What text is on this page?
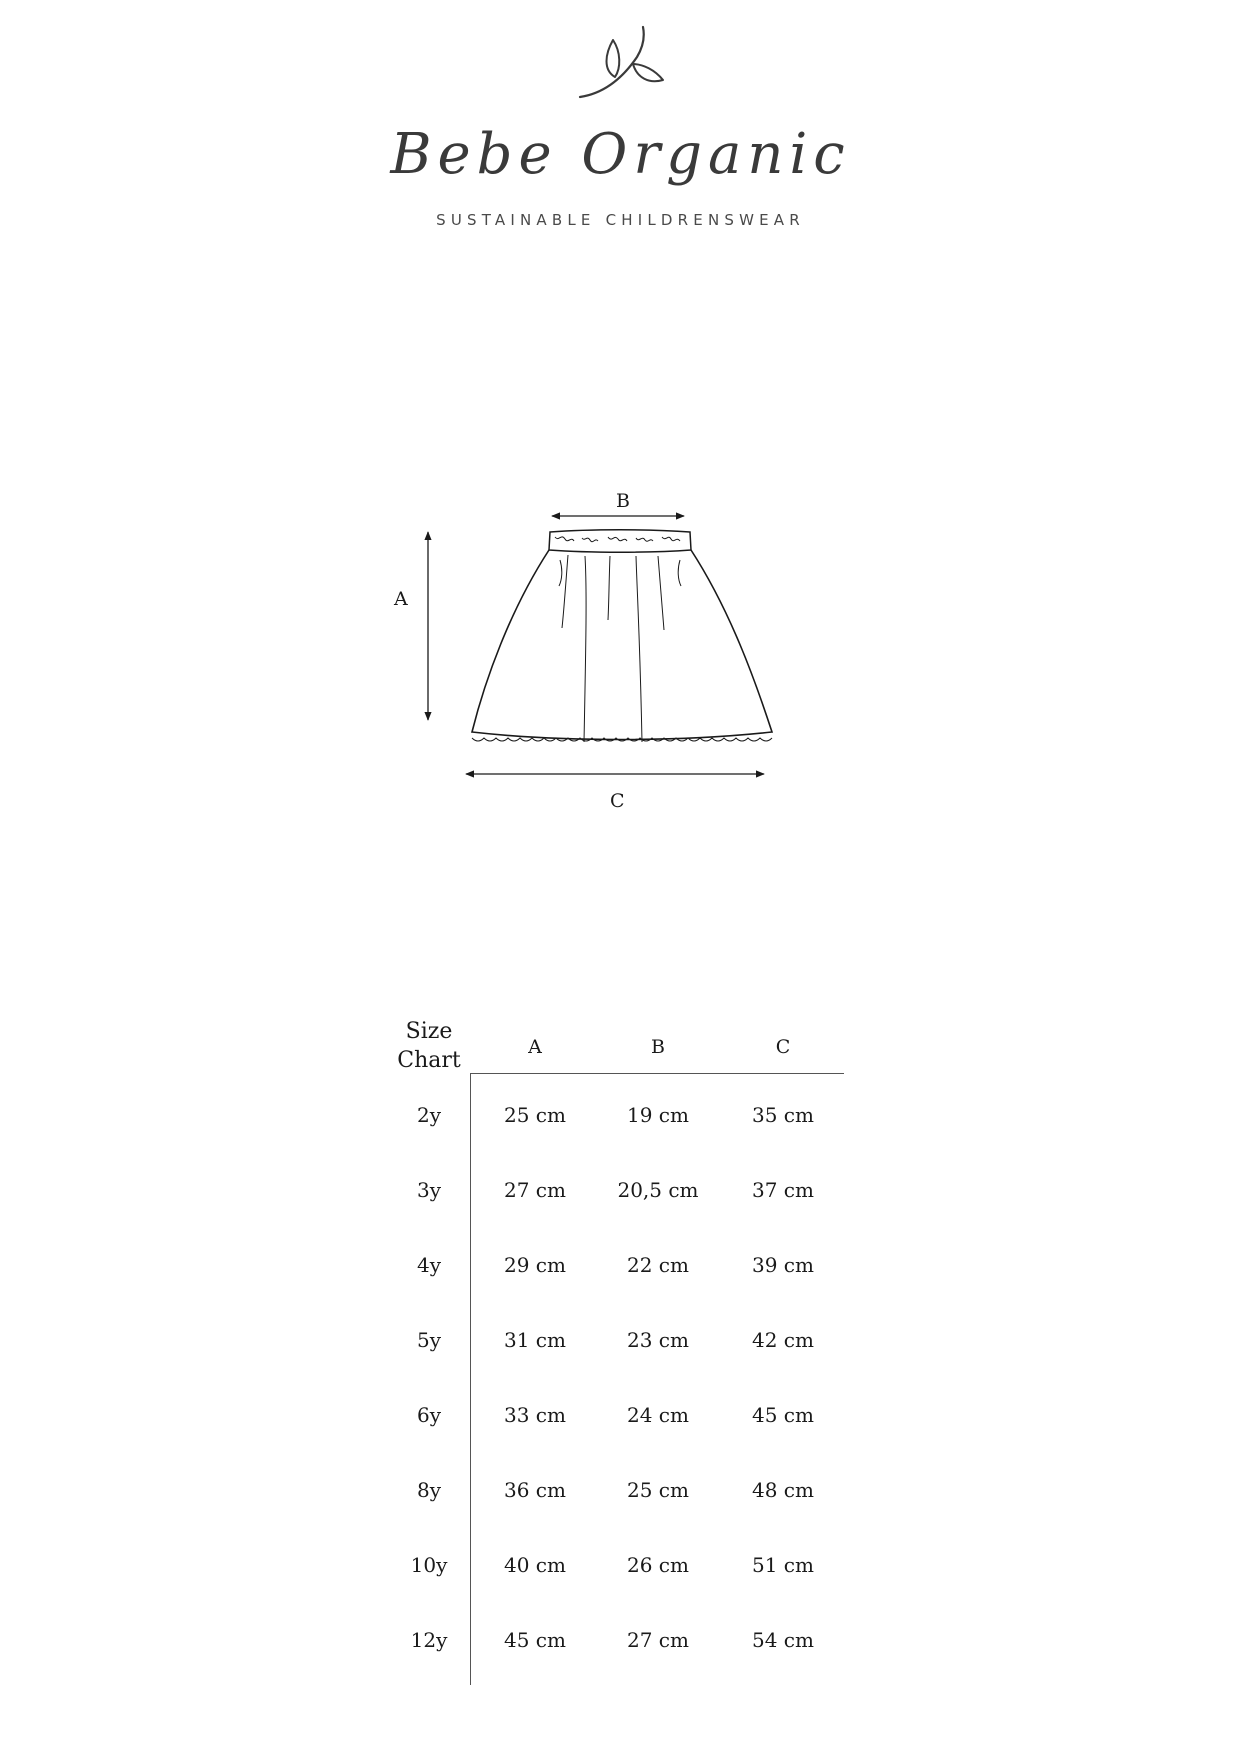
Bebe Organic
SUSTAINABLE CHILDRENSWEAR
B
A
C
Size
Chart
A	B	C
2y	25 cm	19 cm	35 cm
3y	27 cm	20,5 cm	37 cm
4y	29 cm	22 cm	39 cm
5y	31 cm	23 cm	42 cm
6y	33 cm	24 cm	45 cm
8y	36 cm	25 cm	48 cm
10y	40 cm	26 cm	51 cm
12y	45 cm	27 cm	54 cm
